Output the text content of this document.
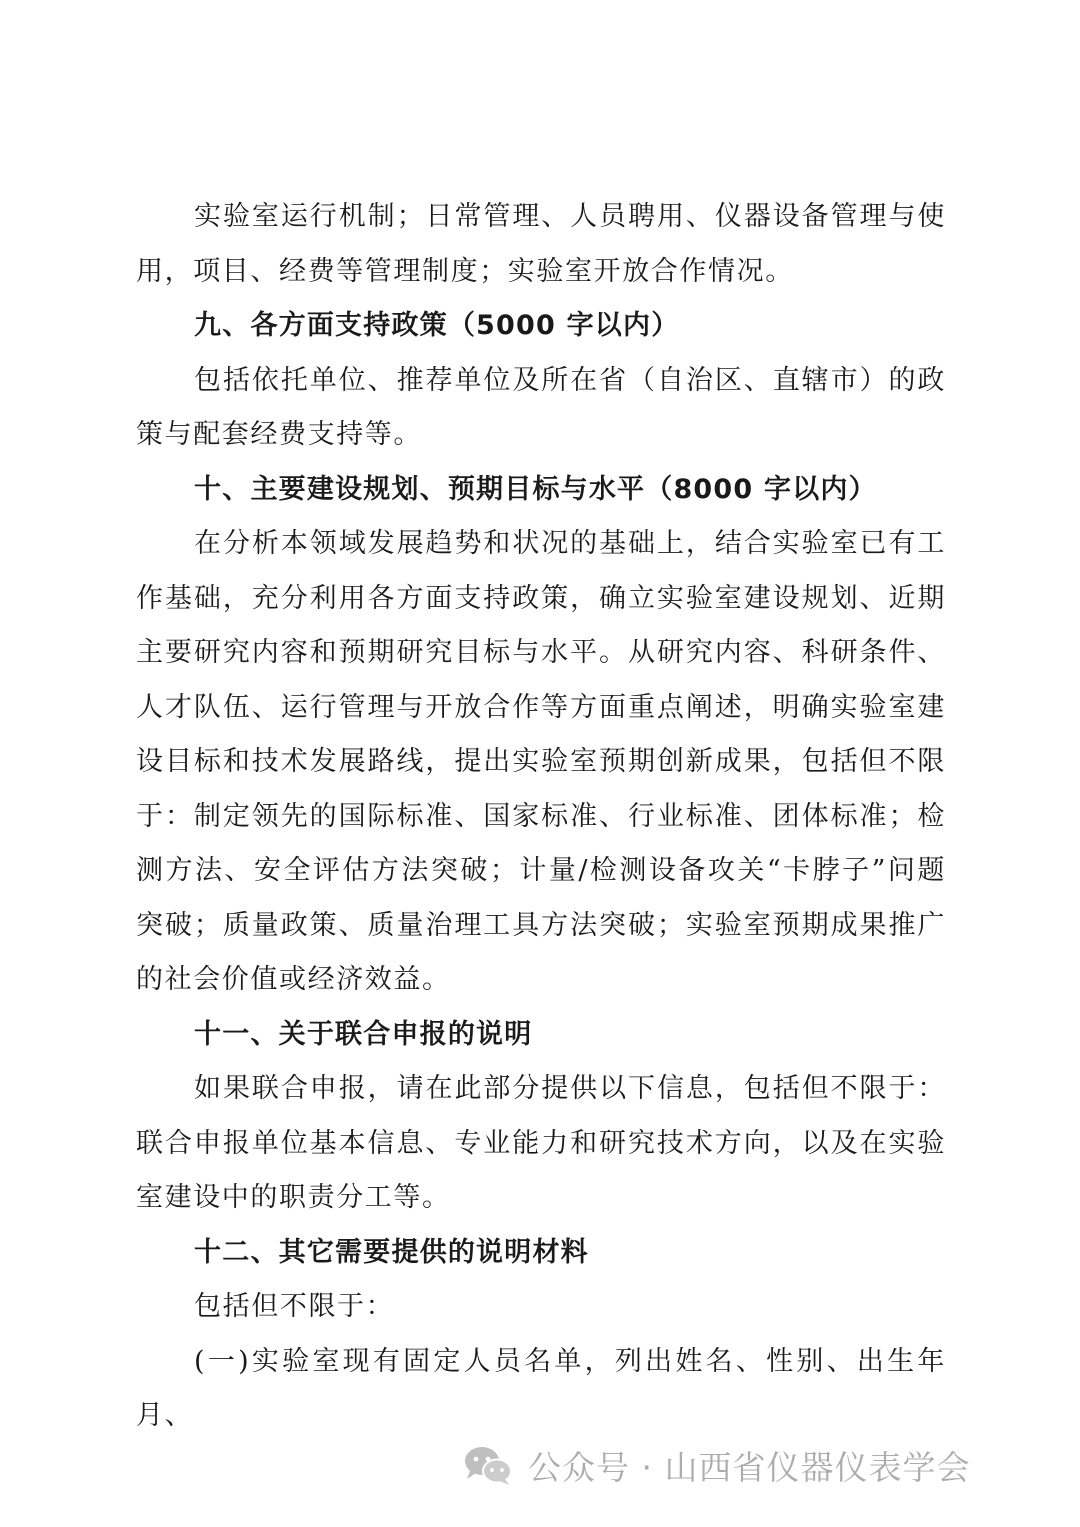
实验室运行机制；日常管理、人员聘用、仪器设备管理与使用，项目、经费等管理制度；实验室开放合作情况。

九、各方面支持政策（5000 字以内）

包括依托单位、推荐单位及所在省（自治区、直辖市）的政策与配套经费支持等。

十、主要建设规划、预期目标与水平（8000 字以内）

在分析本领域发展趋势和状况的基础上，结合实验室已有工作基础，充分利用各方面支持政策，确立实验室建设规划、近期主要研究内容和预期研究目标与水平。从研究内容、科研条件、人才队伍、运行管理与开放合作等方面重点阐述，明确实验室建设目标和技术发展路线，提出实验室预期创新成果，包括但不限于：制定领先的国际标准、国家标准、行业标准、团体标准；检测方法、安全评估方法突破；计量/检测设备攻关“卡脖子”问题突破；质量政策、质量治理工具方法突破；实验室预期成果推广的社会价值或经济效益。

十一、关于联合申报的说明

如果联合申报，请在此部分提供以下信息，包括但不限于：联合申报单位基本信息、专业能力和研究技术方向，以及在实验室建设中的职责分工等。

十二、其它需要提供的说明材料

包括但不限于：

(一)实验室现有固定人员名单，列出姓名、性别、出生年月、

公众号 · 山西省仪器仪表学会
